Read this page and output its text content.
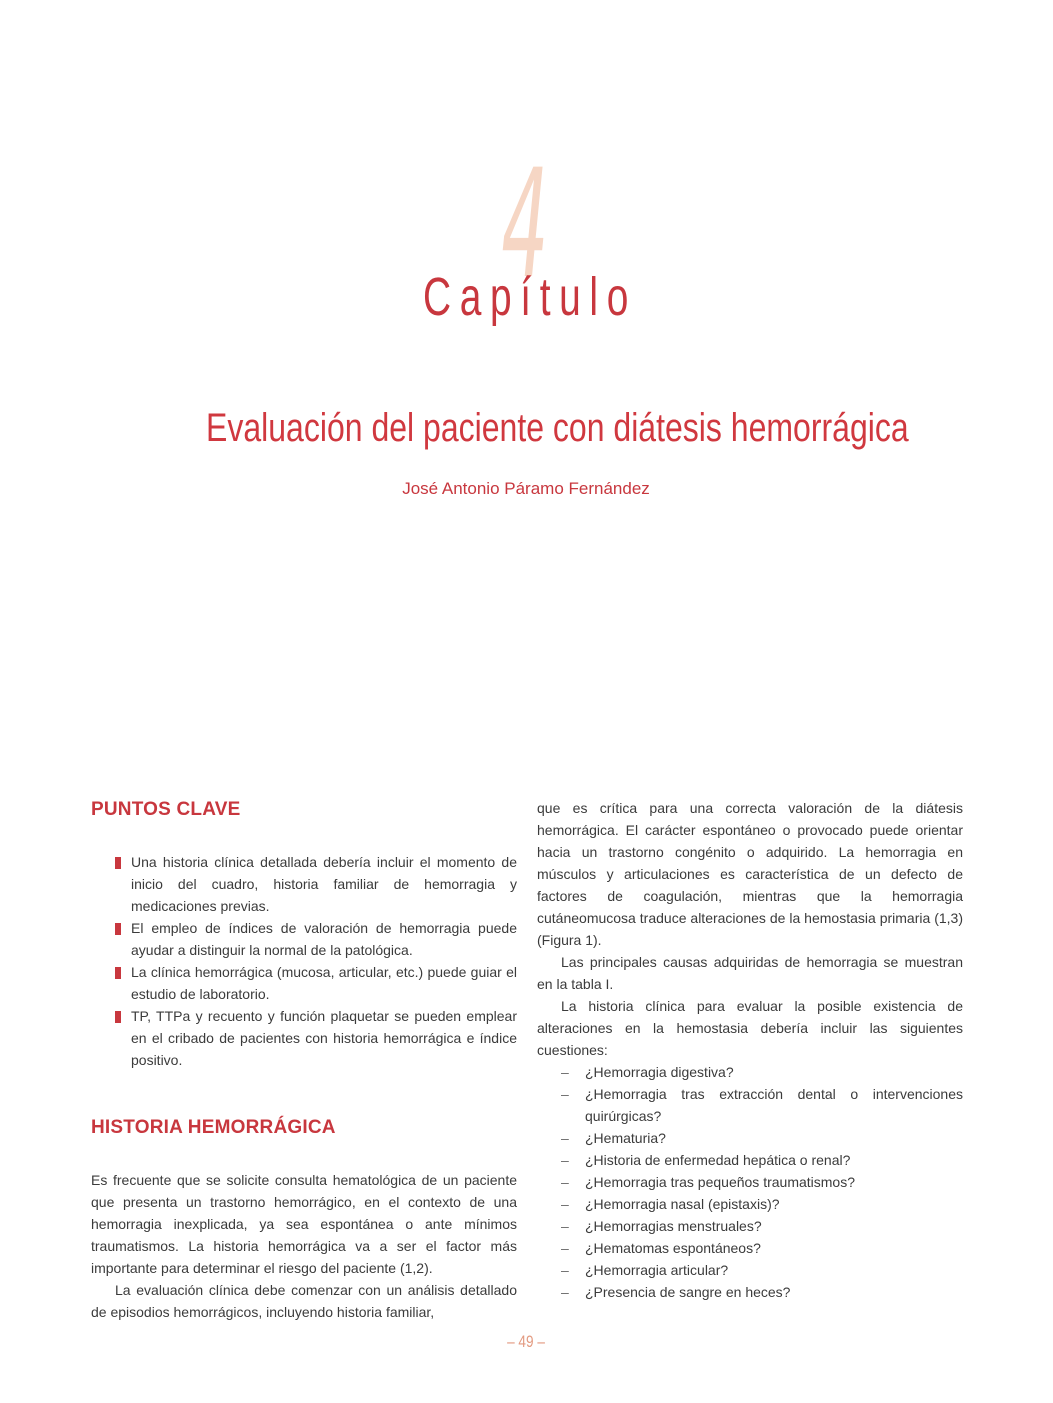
4
Capítulo
Evaluación del paciente con diátesis hemorrágica
José Antonio Páramo Fernández
PUNTOS CLAVE
Una historia clínica detallada debería incluir el momento de inicio del cuadro, historia familiar de hemorragia y medicaciones previas.
El empleo de índices de valoración de hemorragia puede ayudar a distinguir la normal de la patológica.
La clínica hemorrágica (mucosa, articular, etc.) puede guiar el estudio de laboratorio.
TP, TTPa y recuento y función plaquetar se pueden emplear en el cribado de pacientes con historia hemorrágica e índice positivo.
HISTORIA HEMORRÁGICA

Es frecuente que se solicite consulta hematológica de un paciente que presenta un trastorno hemorrágico, en el contexto de una hemorragia inexplicada, ya sea espontánea o ante mínimos traumatismos. La historia hemorrágica va a ser el factor más importante para determinar el riesgo del paciente (1,2).

La evaluación clínica debe comenzar con un análisis detallado de episodios hemorrágicos, incluyendo historia familiar,

que es crítica para una correcta valoración de la diátesis hemorrágica. El carácter espontáneo o provocado puede orientar hacia un trastorno congénito o adquirido. La hemorragia en músculos y articulaciones es característica de un defecto de factores de coagulación, mientras que la hemorragia cutáneomucosa traduce alteraciones de la hemostasia primaria (1,3) (Figura 1).

Las principales causas adquiridas de hemorragia se muestran en la tabla I.

La historia clínica para evaluar la posible existencia de alteraciones en la hemostasia debería incluir las siguientes cuestiones:

– ¿Hemorragia digestiva?
– ¿Hemorragia tras extracción dental o intervenciones quirúrgicas?
– ¿Hematuria?
– ¿Historia de enfermedad hepática o renal?
– ¿Hemorragia tras pequeños traumatismos?
– ¿Hemorragia nasal (epistaxis)?
– ¿Hemorragias menstruales?
– ¿Hematomas espontáneos?
– ¿Hemorragia articular?
– ¿Presencia de sangre en heces?
– 49 –
